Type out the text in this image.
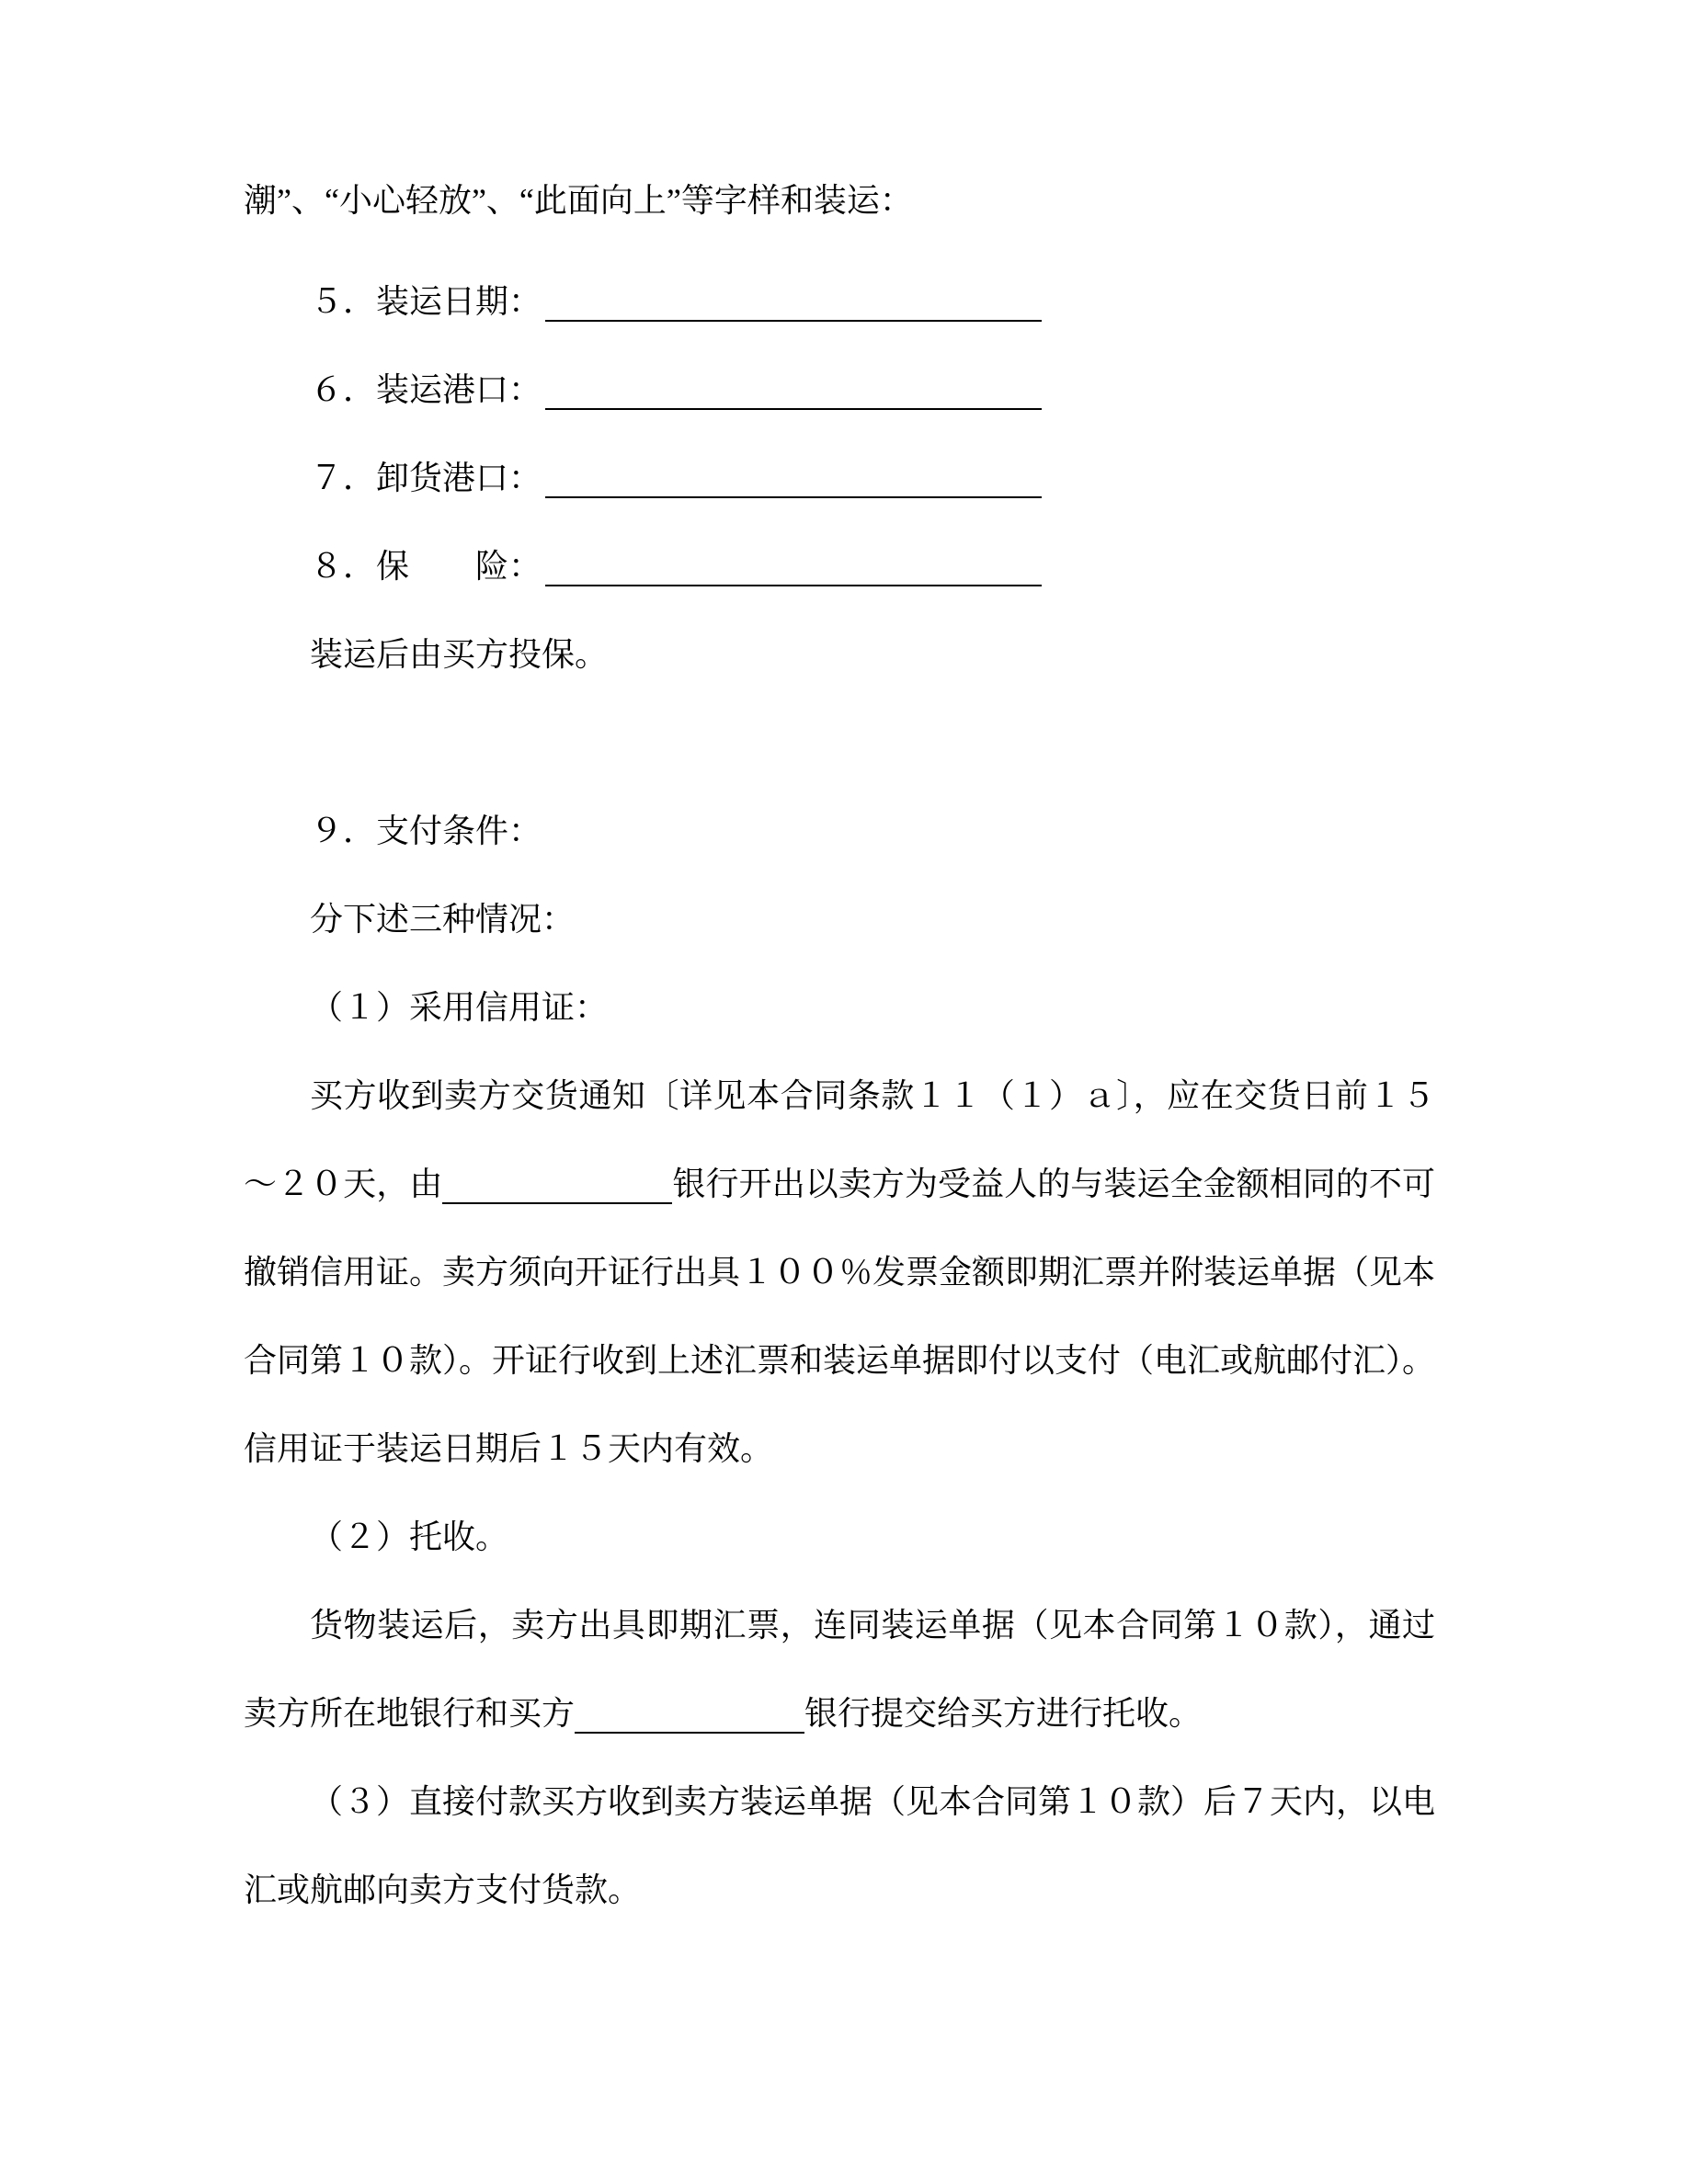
潮”、“小心轻放”、“此面向上”等字样和装运：

５．装运日期：
６．装运港口：
７．卸货港口：
８．保　　险：

装运后由买方投保。

９．支付条件：

分下述三种情况：

（１）采用信用证：

买方收到卖方交货通知〔详见本合同条款１１（１）ａ〕，应在交货日前１５～２０天，由	银行开出以卖方为受益人的与装运全金额相同的不可撤销信用证。卖方须向开证行出具１００％发票金额即期汇票并附装运单据（见本合同第１０款）。开证行收到上述汇票和装运单据即付以支付（电汇或航邮付汇）。信用证于装运日期后１５天内有效。

（２）托收。

货物装运后，卖方出具即期汇票，连同装运单据（见本合同第１０款），通过卖方所在地银行和买方	银行提交给买方进行托收。

（３）直接付款买方收到卖方装运单据（见本合同第１０款）后７天内，以电汇或航邮向卖方支付货款。
